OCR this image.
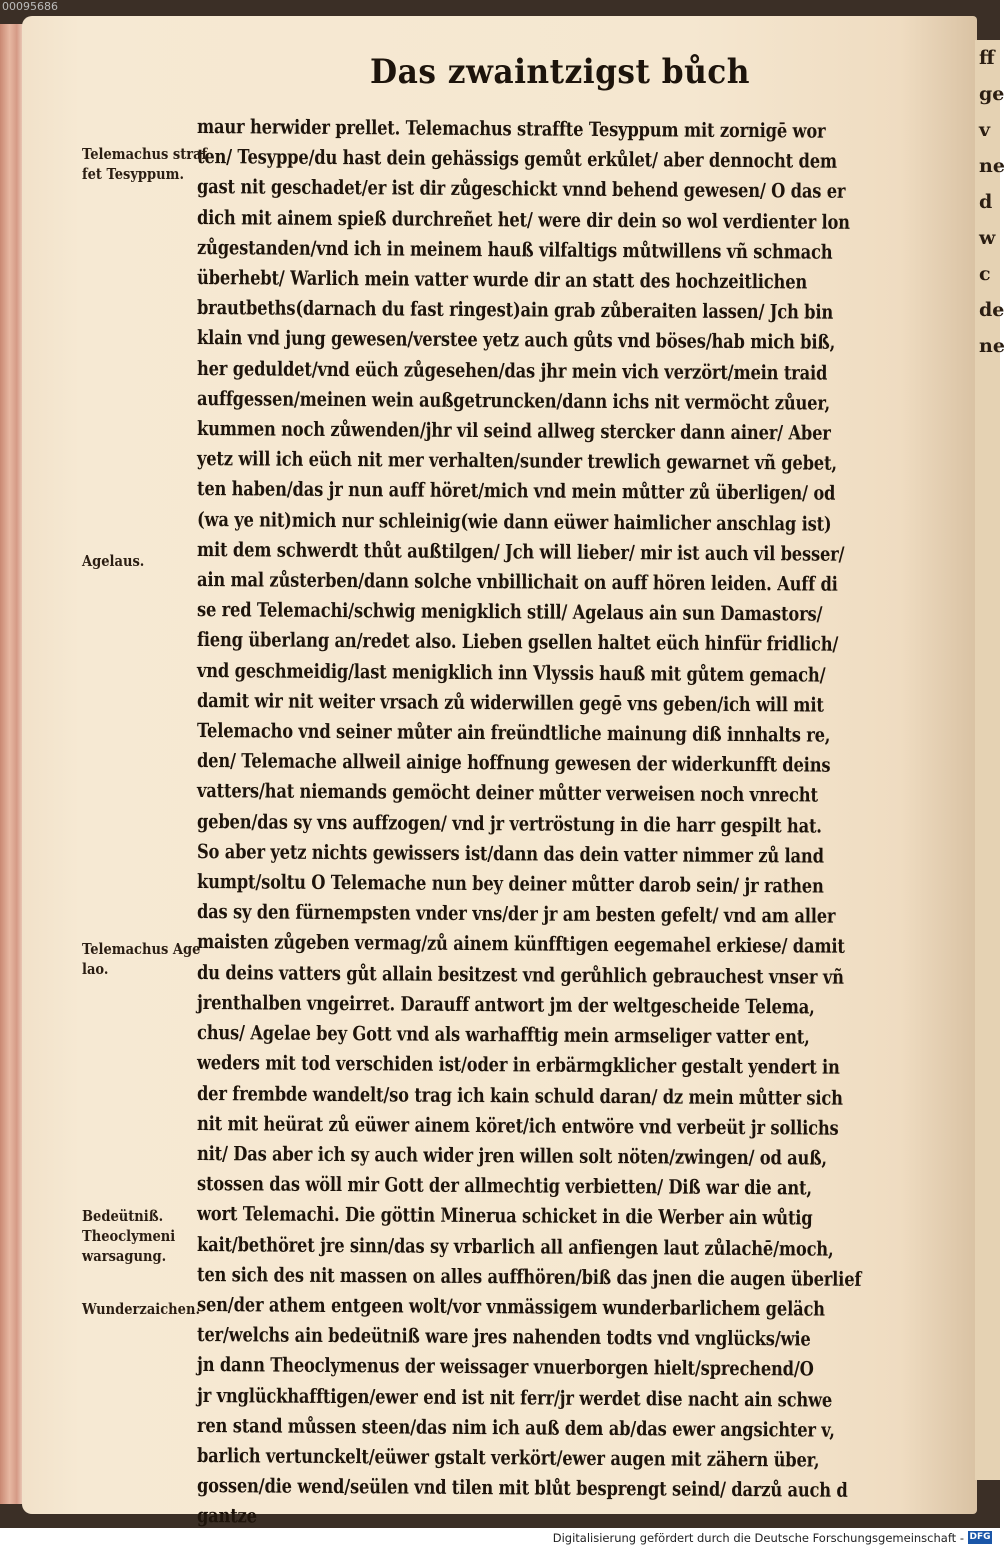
ff
ge
v
ne
d
w
c
de
ne
00095686
Das zwaintzigst bůch
maur herwider prellet. Telemachus straffte Tesyppum mit zornigē wor
ten/ Tesyppe/du hast dein gehässigs gemůt erkůlet/ aber dennocht dem
gast nit geschadet/er ist dir zůgeschickt vnnd behend gewesen/ O das er
dich mit ainem spieß durchreñet het/ were dir dein so wol verdienter lon
zůgestanden/vnd ich in meinem hauß vilfaltigs můtwillens vñ schmach
überhebt/ Warlich mein vatter wurde dir an statt des hochzeitlichen
brautbeths(darnach du fast ringest)ain grab zůberaiten lassen/ Jch bin
klain vnd jung gewesen/verstee yetz auch gůts vnd böses/hab mich biß,
her geduldet/vnd eüch zůgesehen/das jhr mein vich verzört/mein traid
auffgessen/meinen wein außgetruncken/dann ichs nit vermöcht zůuer,
kummen noch zůwenden/jhr vil seind allweg stercker dann ainer/ Aber
yetz will ich eüch nit mer verhalten/sunder trewlich gewarnet vñ gebet,
ten haben/das jr nun auff höret/mich vnd mein můtter zů überligen/ od
(wa ye nit)mich nur schleinig(wie dann eüwer haimlicher anschlag ist)
mit dem schwerdt thůt außtilgen/ Jch will lieber/ mir ist auch vil besser/
ain mal zůsterben/dann solche vnbillichait on auff hören leiden. Auff di
se red Telemachi/schwig menigklich still/ Agelaus ain sun Damastors/
fieng überlang an/redet also. Lieben gsellen haltet eüch hinfür fridlich/
vnd geschmeidig/last menigklich inn Vlyssis hauß mit gůtem gemach/
damit wir nit weiter vrsach zů widerwillen gegē vns geben/ich will mit
Telemacho vnd seiner můter ain freündtliche mainung diß innhalts re,
den/ Telemache allweil ainige hoffnung gewesen der widerkunfft deins
vatters/hat niemands gemöcht deiner můtter verweisen noch vnrecht
geben/das sy vns auffzogen/ vnd jr vertröstung in die harr gespilt hat.
So aber yetz nichts gewissers ist/dann das dein vatter nimmer zů land
kumpt/soltu O Telemache nun bey deiner můtter darob sein/ jr rathen
das sy den fürnempsten vnder vns/der jr am besten gefelt/ vnd am aller
maisten zůgeben vermag/zů ainem künfftigen eegemahel erkiese/ damit
du deins vatters gůt allain besitzest vnd gerůhlich gebrauchest vnser vñ
jrenthalben vngeirret. Darauff antwort jm der weltgescheide Telema,
chus/ Agelae bey Gott vnd als warhafftig mein armseliger vatter ent,
weders mit tod verschiden ist/oder in erbärmgklicher gestalt yendert in
der frembde wandelt/so trag ich kain schuld daran/ dz mein můtter sich
nit mit heürat zů eüwer ainem köret/ich entwöre vnd verbeüt jr sollichs
nit/ Das aber ich sy auch wider jren willen solt nöten/zwingen/ od auß,
stossen das wöll mir Gott der allmechtig verbietten/ Diß war die ant,
wort Telemachi. Die göttin Minerua schicket in die Werber ain wůtig
kait/bethöret jre sinn/das sy vrbarlich all anfiengen laut zůlachē/moch,
ten sich des nit massen on alles auffhören/biß das jnen die augen überlief
sen/der athem entgeen wolt/vor vnmässigem wunderbarlichem geläch
ter/welchs ain bedeütniß ware jres nahenden todts vnd vnglücks/wie
jn dann Theoclymenus der weissager vnuerborgen hielt/sprechend/O
jr vnglückhafftigen/ewer end ist nit ferr/jr werdet dise nacht ain schwe
ren stand můssen steen/das nim ich auß dem ab/das ewer angsichter v,
barlich vertunckelt/eüwer gstalt verkört/ewer augen mit zähern über,
gossen/die wend/seülen vnd tilen mit blůt besprengt seind/ darzů auch d
gantze
Telemachus straf
fet Tesyppum.
Agelaus.
Telemachus Age
lao.
Bedeütniß.
Theoclymeni
warsagung.
Wunderzaichen.
Digitalisierung gefördert durch die Deutsche Forschungsgemeinschaft - DFG
